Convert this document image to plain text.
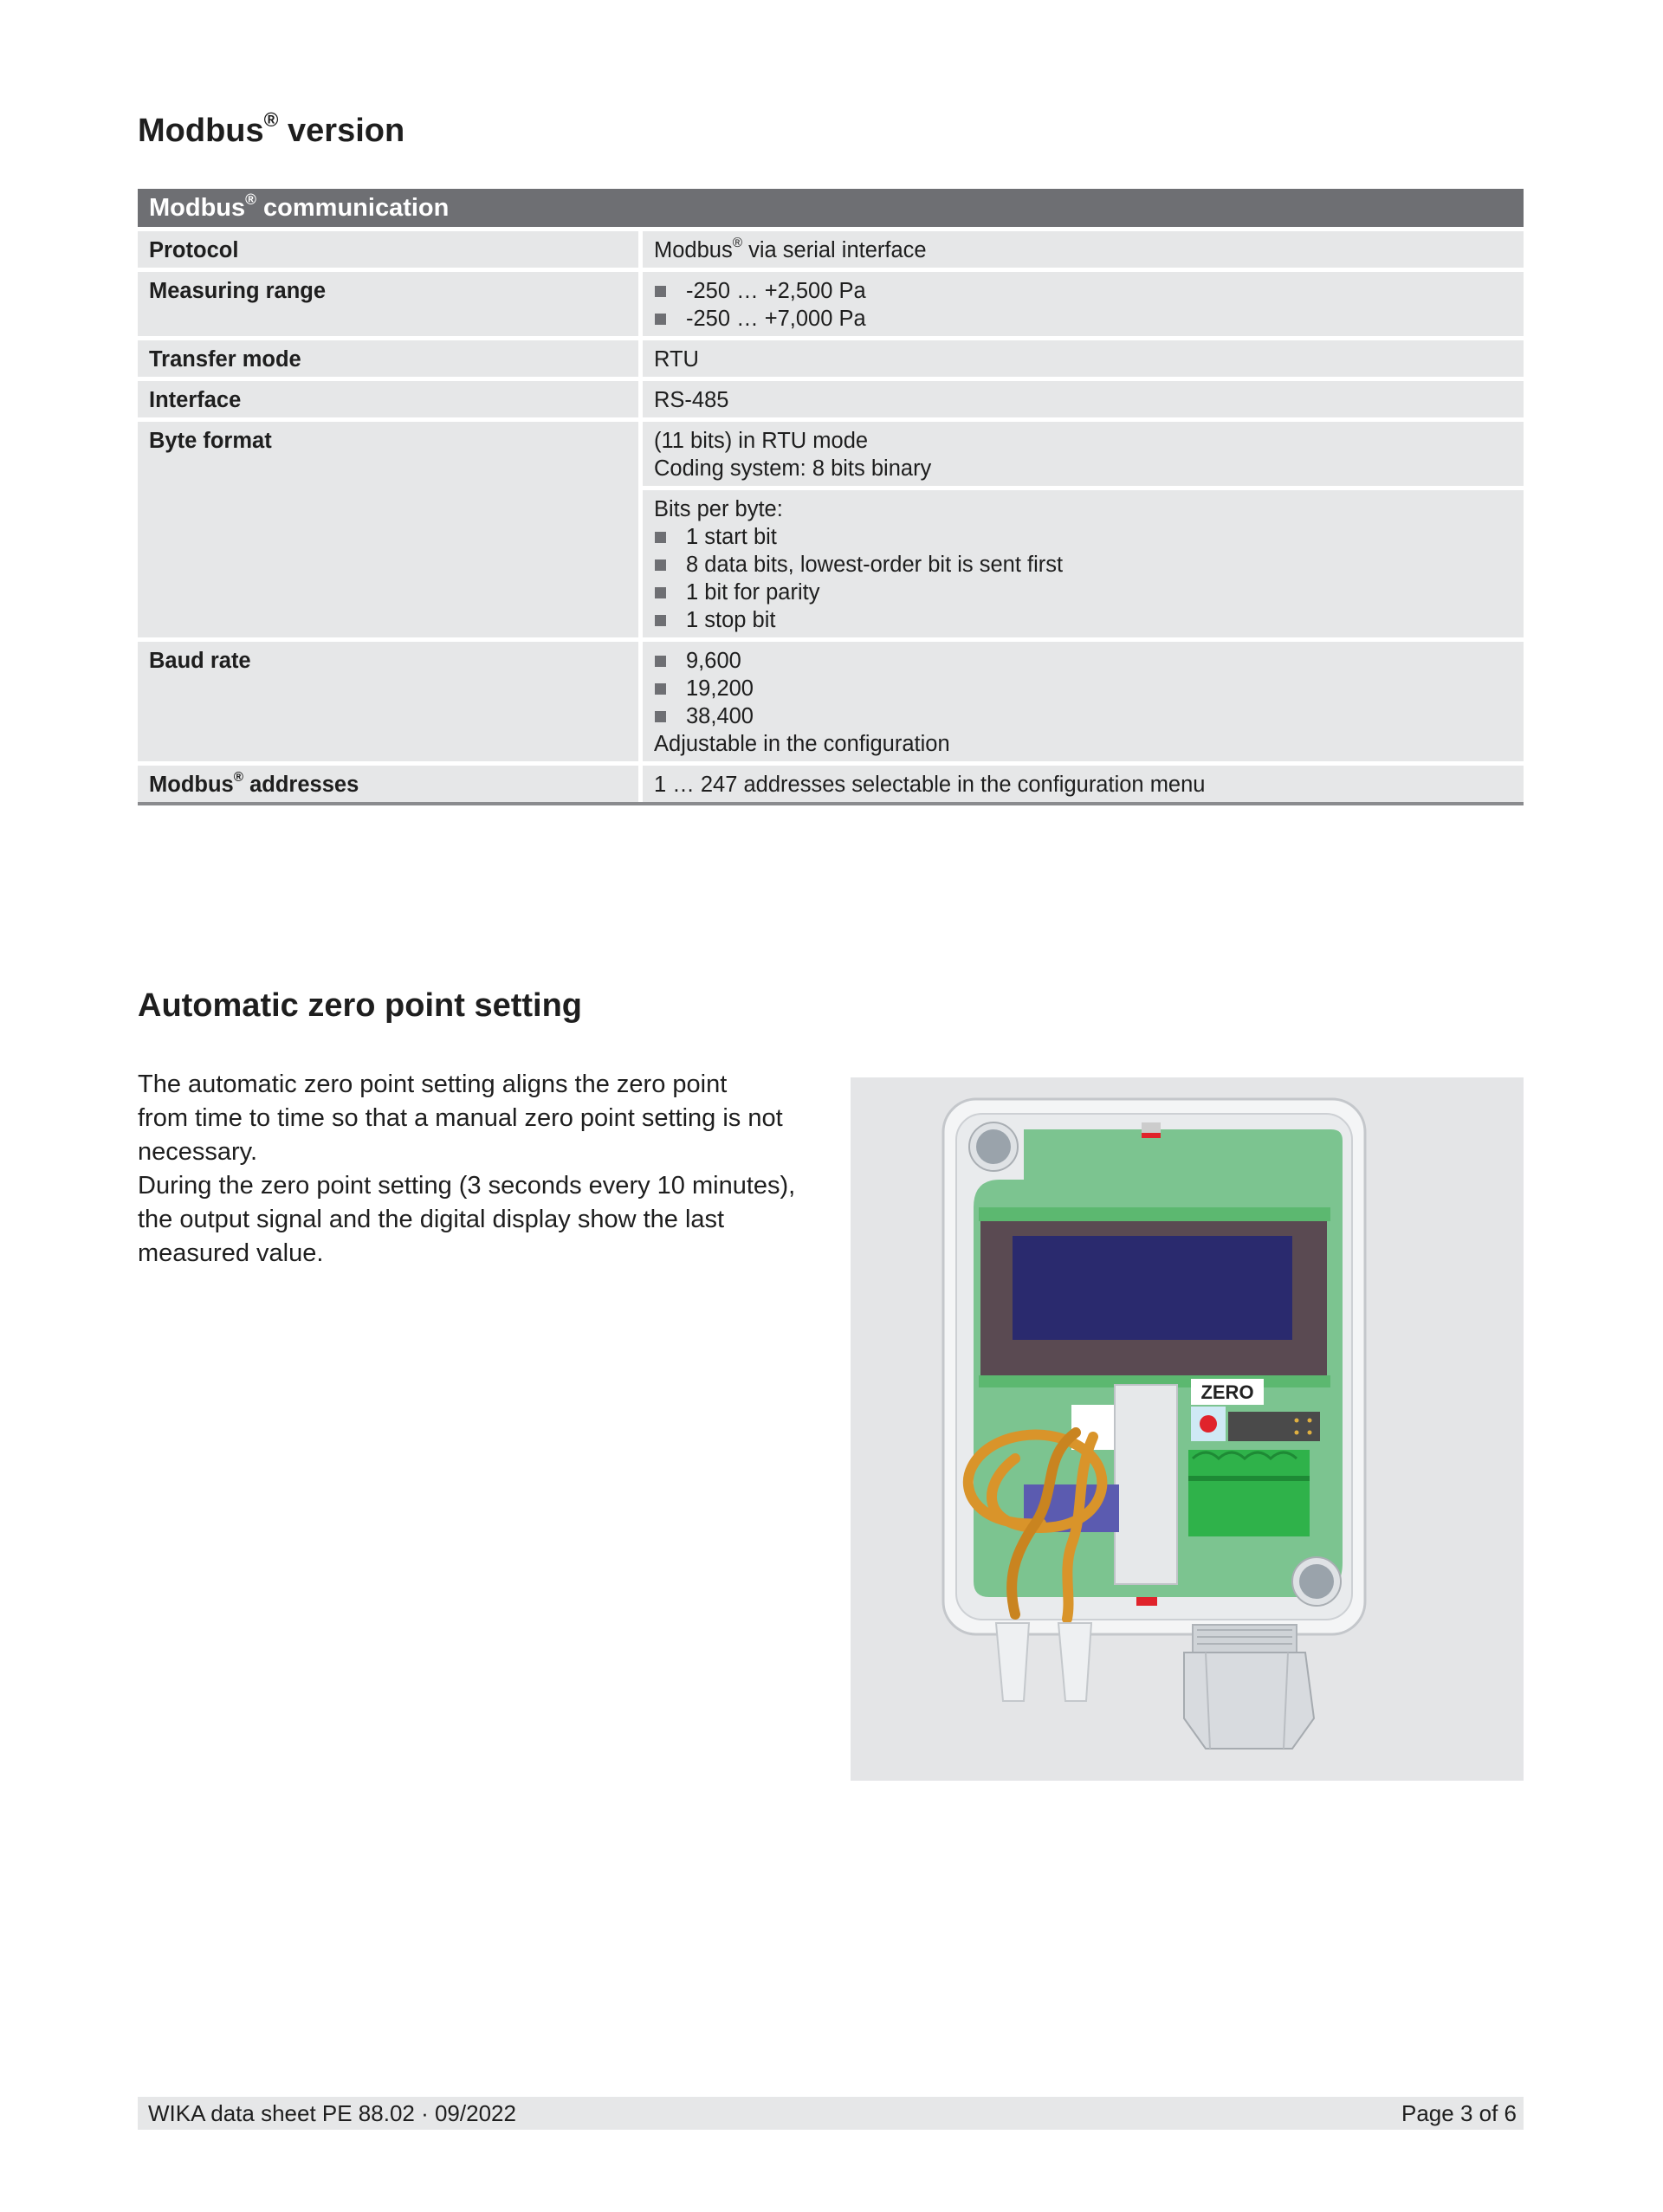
Modbus® version
Modbus® communication
Protocol	Modbus® via serial interface
Measuring range	-250 … +2,500 Pa
-250 … +7,000 Pa
Transfer mode	RTU
Interface	RS-485
Byte format	(11 bits) in RTU mode
Coding system: 8 bits binary
Bits per byte:
1 start bit
8 data bits, lowest-order bit is sent first
1 bit for parity
1 stop bit
Baud rate	9,600
19,200
38,400
Adjustable in the configuration
Modbus® addresses	1 … 247 addresses selectable in the configuration menu
Automatic zero point setting
The automatic zero point setting aligns the zero point
from time to time so that a manual zero point setting is not
necessary.
During the zero point setting (3 seconds every 10 minutes),
the output signal and the digital display show the last
measured value.
ZERO
WIKA data sheet PE 88.02 · 09/2022	Page 3 of 6
